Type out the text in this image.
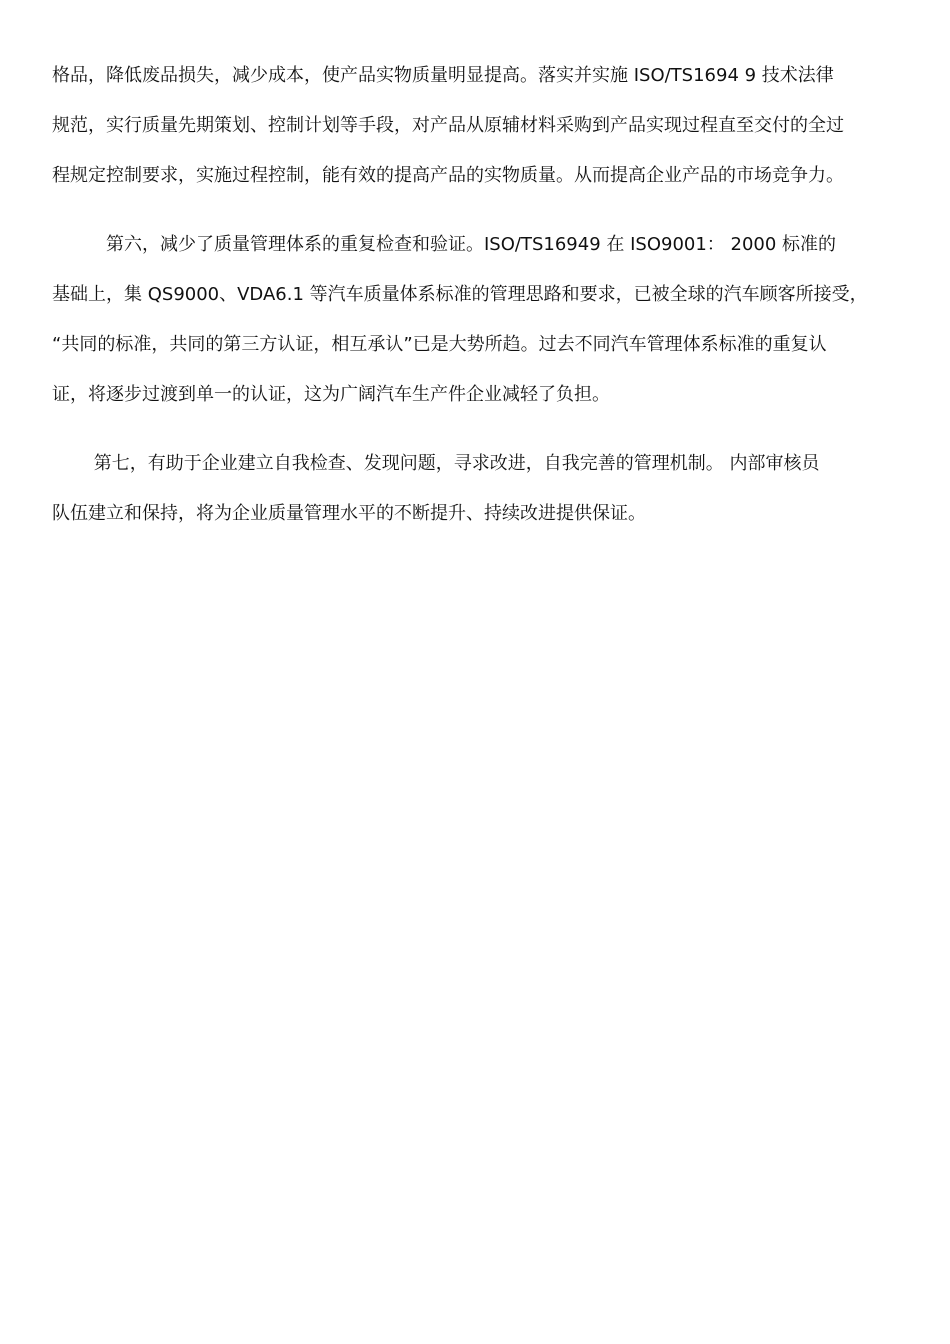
格品，降低废品损失，减少成本，使产品实物质量明显提高。落实并实施 ISO/TS1694 9 技术法律
规范，实行质量先期策划、控制计划等手段，对产品从原辅材料采购到产品实现过程直至交付的全过
程规定控制要求，实施过程控制，能有效的提高产品的实物质量。从而提高企业产品的市场竞争力。
　　　第六，减少了质量管理体系的重复检查和验证。ISO/TS16949 在 ISO9001： 2000 标准的
基础上，集 QS9000、VDA6.1 等汽车质量体系标准的管理思路和要求，已被全球的汽车顾客所接受，
“共同的标准，共同的第三方认证，相互承认”已是大势所趋。过去不同汽车管理体系标准的重复认
证，将逐步过渡到单一的认证，这为广阔汽车生产件企业减轻了负担。
　　 第七，有助于企业建立自我检查、发现问题，寻求改进，自我完善的管理机制。 内部审核员
队伍建立和保持，将为企业质量管理水平的不断提升、持续改进提供保证。
